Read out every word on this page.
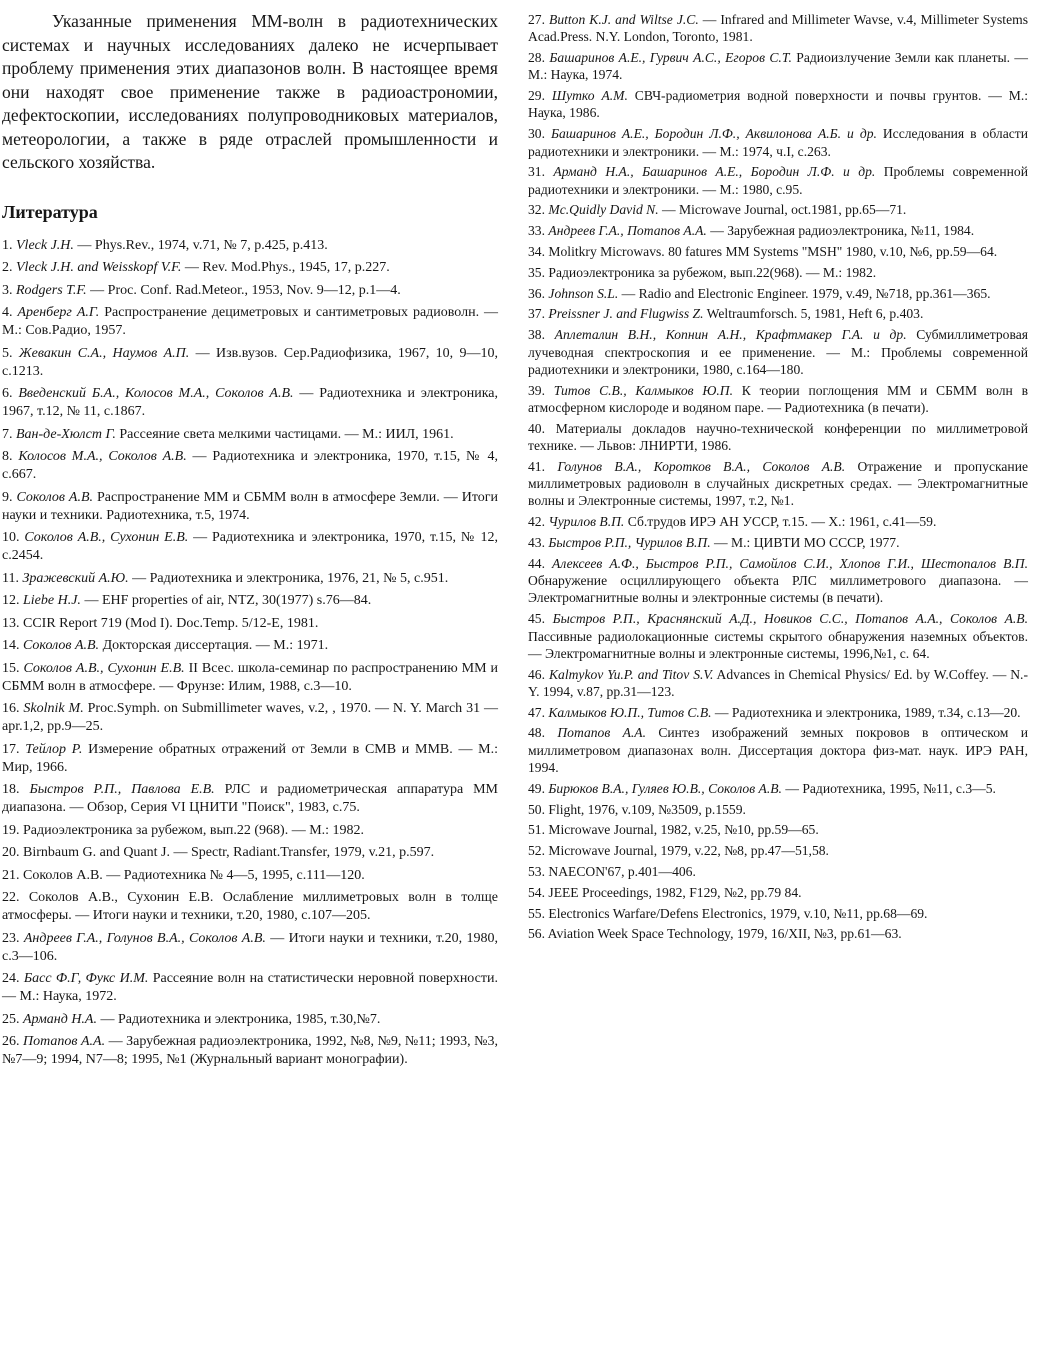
Указанные применения ММ-волн в радиотехнических системах и научных исследованиях далеко не исчерпывает проблему применения этих диапазонов волн. В настоящее время они находят свое применение также в радиоастрономии, дефектоскопии, исследованиях полупроводниковых материалов, метеорологии, а также в ряде отраслей промышленности и сельского хозяйства.

Литература

1. Vleck J.H. — Phys.Rev., 1974, v.71, № 7, p.425, p.413.

2. Vleck J.H. and Weisskopf V.F. — Rev. Mod.Phys., 1945, 17, p.227.

3. Rodgers T.F. — Proc. Conf. Rad.Meteor., 1953, Nov. 9—12, p.1—4.

4. Аренберг А.Г. Распространение дециметровых и сантиметровых радиоволн. — М.: Сов.Радио, 1957.

5. Жевакин С.А., Наумов А.П. — Изв.вузов. Сер.Радиофизика, 1967, 10, 9—10, с.1213.

6. Введенский Б.А., Колосов М.А., Соколов А.В. — Радиотехника и электроника, 1967, т.12, № 11, с.1867.

7. Ван-де-Хюлст Г. Рассеяние света мелкими частицами. — М.: ИИЛ, 1961.

8. Колосов М.А., Соколов А.В. — Радиотехника и электроника, 1970, т.15, № 4, с.667.

9. Соколов А.В. Распространение ММ и СБММ волн в атмосфере Земли. — Итоги науки и техники. Радиотехника, т.5, 1974.

10. Соколов А.В., Сухонин Е.В. — Радиотехника и электроника, 1970, т.15, № 12, с.2454.

11. Зражевский А.Ю. — Радиотехника и электроника, 1976, 21, № 5, с.951.

12. Liebe H.J. — EHF properties of air, NTZ, 30(1977) s.76—84.

13. CCIR Report 719 (Mod I). Doc.Temp. 5/12-E, 1981.

14. Соколов А.В. Докторская диссертация. — М.: 1971.

15. Соколов А.В., Сухонин Е.В. II Всес. школа-семинар по распространению ММ и СБММ волн в атмосфере. — Фрунзе: Илим, 1988, с.3—10.

16. Skolnik M. Proc.Symph. on Submillimeter waves, v.2, , 1970. — N. Y. March 31 — apr.1,2, pp.9—25.

17. Тейлор Р. Измерение обратных отражений от Земли в СМВ и ММВ. — М.: Мир, 1966.

18. Быстров Р.П., Павлова Е.В. РЛС и радиометрическая аппаратура ММ диапазона. — Обзор, Серия VI ЦНИТИ "Поиск", 1983, с.75.

19. Радиоэлектроника за рубежом, вып.22 (968). — М.: 1982.

20. Birnbaum G. and Quant J. — Spectr, Radiant.Transfer, 1979, v.21, p.597.

21. Соколов А.В. — Радиотехника № 4—5, 1995, с.111—120.

22. Соколов А.В., Сухонин Е.В. Ослабление миллиметровых волн в толще атмосферы. — Итоги науки и техники, т.20, 1980, с.107—205.

23. Андреев Г.А., Голунов В.А., Соколов А.В. — Итоги науки и техники, т.20, 1980, с.3—106.

24. Басс Ф.Г, Фукс И.М. Рассеяние волн на статистически неровной поверхности. — М.: Наука, 1972.

25. Арманд Н.А. — Радиотехника и электроника, 1985, т.30,№7.

26. Потапов А.А. — Зарубежная радиоэлектроника, 1992, №8, №9, №11; 1993, №3, №7—9; 1994, N7—8; 1995, №1 (Журнальный вариант монографии).

27. Button K.J. and Wiltse J.C. — Infrared and Millimeter Wavse, v.4, Millimeter Systems Acad.Press. N.Y. London, Toronto, 1981.

28. Башаринов А.Е., Гурвич А.С., Егоров С.Т. Радиоизлучение Земли как планеты. — М.: Наука, 1974.

29. Шутко А.М. СВЧ-радиометрия водной поверхности и почвы грунтов. — М.: Наука, 1986.

30. Башаринов А.Е., Бородин Л.Ф., Аквилонова А.Б. и др. Исследования в области радиотехники и электроники. — М.: 1974, ч.I, с.263.

31. Арманд Н.А., Башаринов А.Е., Бородин Л.Ф. и др. Проблемы современной радиотехники и электроники. — М.: 1980, с.95.

32. Mc.Quidly David N. — Microwave Journal, oct.1981, pp.65—71.

33. Андреев Г.А., Потапов А.А. — Зарубежная радиоэлектроника, №11, 1984.

34. Molitkry Microwavs. 80 fatures MM Systems "MSH" 1980, v.10, №6, pp.59—64.

35. Радиоэлектроника за рубежом, вып.22(968). — М.: 1982.

36. Johnson S.L. — Radio and Electronic Engineer. 1979, v.49, №718, pp.361—365.

37. Preissner J. and Flugwiss Z. Weltraumforsch. 5, 1981, Heft 6, p.403.

38. Аплеталин В.Н., Копнин А.Н., Крафтмакер Г.А. и др. Субмиллиметровая лучеводная спектроскопия и ее применение. — М.: Проблемы современной радиотехники и электроники, 1980, с.164—180.

39. Титов С.В., Калмыков Ю.П. К теории поглощения ММ и СБММ волн в атмосферном кислороде и водяном паре. — Радиотехника (в печати).

40. Материалы докладов научно-технической конференции по миллиметровой технике. — Львов: ЛНИРТИ, 1986.

41. Голунов В.А., Коротков В.А., Соколов А.В. Отражение и пропускание миллиметровых радиоволн в случайных дискретных средах. — Электромагнитные волны и Электронные системы, 1997, т.2, №1.

42. Чурилов В.П. Сб.трудов ИРЭ АН УССР, т.15. — Х.: 1961, с.41—59.

43. Быстров Р.П., Чурилов В.П. — М.: ЦИВТИ МО СССР, 1977.

44. Алексеев А.Ф., Быстров Р.П., Самойлов С.И., Хлопов Г.И., Шестопалов В.П. Обнаружение осциллирующего объекта РЛС миллиметрового диапазона. — Электромагнитные волны и электронные системы (в печати).

45. Быстров Р.П., Краснянский А.Д., Новиков С.С., Потапов А.А., Соколов А.В. Пассивные радиолокационные системы скрытого обнаружения наземных объектов. — Электромагнитные волны и электронные системы, 1996,№1, с. 64.

46. Kalmykov Yu.P. and Titov S.V. Advances in Chemical Physics/ Ed. by W.Coffey. — N.-Y. 1994, v.87, pp.31—123.

47. Калмыков Ю.П., Титов С.В. — Радиотехника и электроника, 1989, т.34, с.13—20.

48. Потапов А.А. Синтез изображений земных покровов в оптическом и миллиметровом диапазонах волн. Диссертация доктора физ-мат. наук. ИРЭ РАН, 1994.

49. Бирюков В.А., Гуляев Ю.В., Соколов А.В. — Радиотехника, 1995, №11, с.3—5.

50. Flight, 1976, v.109, №3509, p.1559.

51. Microwave Journal, 1982, v.25, №10, pp.59—65.

52. Microwave Journal, 1979, v.22, №8, pp.47—51,58.

53. NAECON'67, p.401—406.

54. JEEE Proceedings, 1982, F129, №2, pp.79 84.

55. Electronics Warfare/Defens Electronics, 1979, v.10, №11, pp.68—69.

56. Aviation Week Space Technology, 1979, 16/XII, №3, pp.61—63.
